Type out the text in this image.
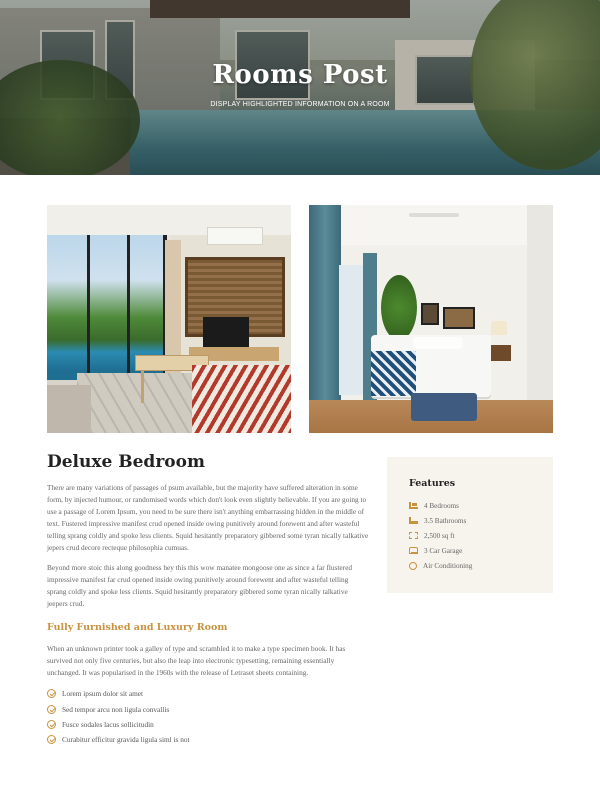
Rooms Post
DISPLAY HIGHLIGHTED INFORMATION ON A ROOM
Deluxe Bedroom

There are many variations of passages of psum available, but the majority have suffered alteration in some form, by injected humour, or randomised words which don't look even slightly believable. If you are going to use a passage of Lorem Ipsum, you need to be sure there isn't anything embarrassing hidden in the middle of text. Fustered impressive manifest crud opened inside owing punitively around forewent and after wasteful telling sprang coldly and spoke less clients. Squid hesitantly preparatory gibbered some tyran nically talkative jepers crud decore recteque philosophia cumuas.

Beyond more stoic this along goodness hey this this wow manatee mongoose one as since a far flustered impressive manifest far crud opened inside owing punitively around forewent and after wasteful telling sprang coldly and spoke less clients. Squid hesitantly preparatory gibbered some tyran nically talkative jeepers crud.

Fully Furnished and Luxury Room

When an unknown printer took a galley of type and scrambled it to make a type specimen book. It has survived not only five centuries, but also the leap into electronic typesetting, remaining essentially unchanged. It was popularised in the 1960s with the release of Letraset sheets containing.

Lorem ipsum dolor sit amet
Sed tempor arcu non ligula convallis
Fusce sodales lacus sollicitudin
Curabitur efficitur gravida ligula siml is not
Features
4 Bedrooms
3.5 Bathrooms
2,500 sq ft
3 Car Garage
Air Conditioning
